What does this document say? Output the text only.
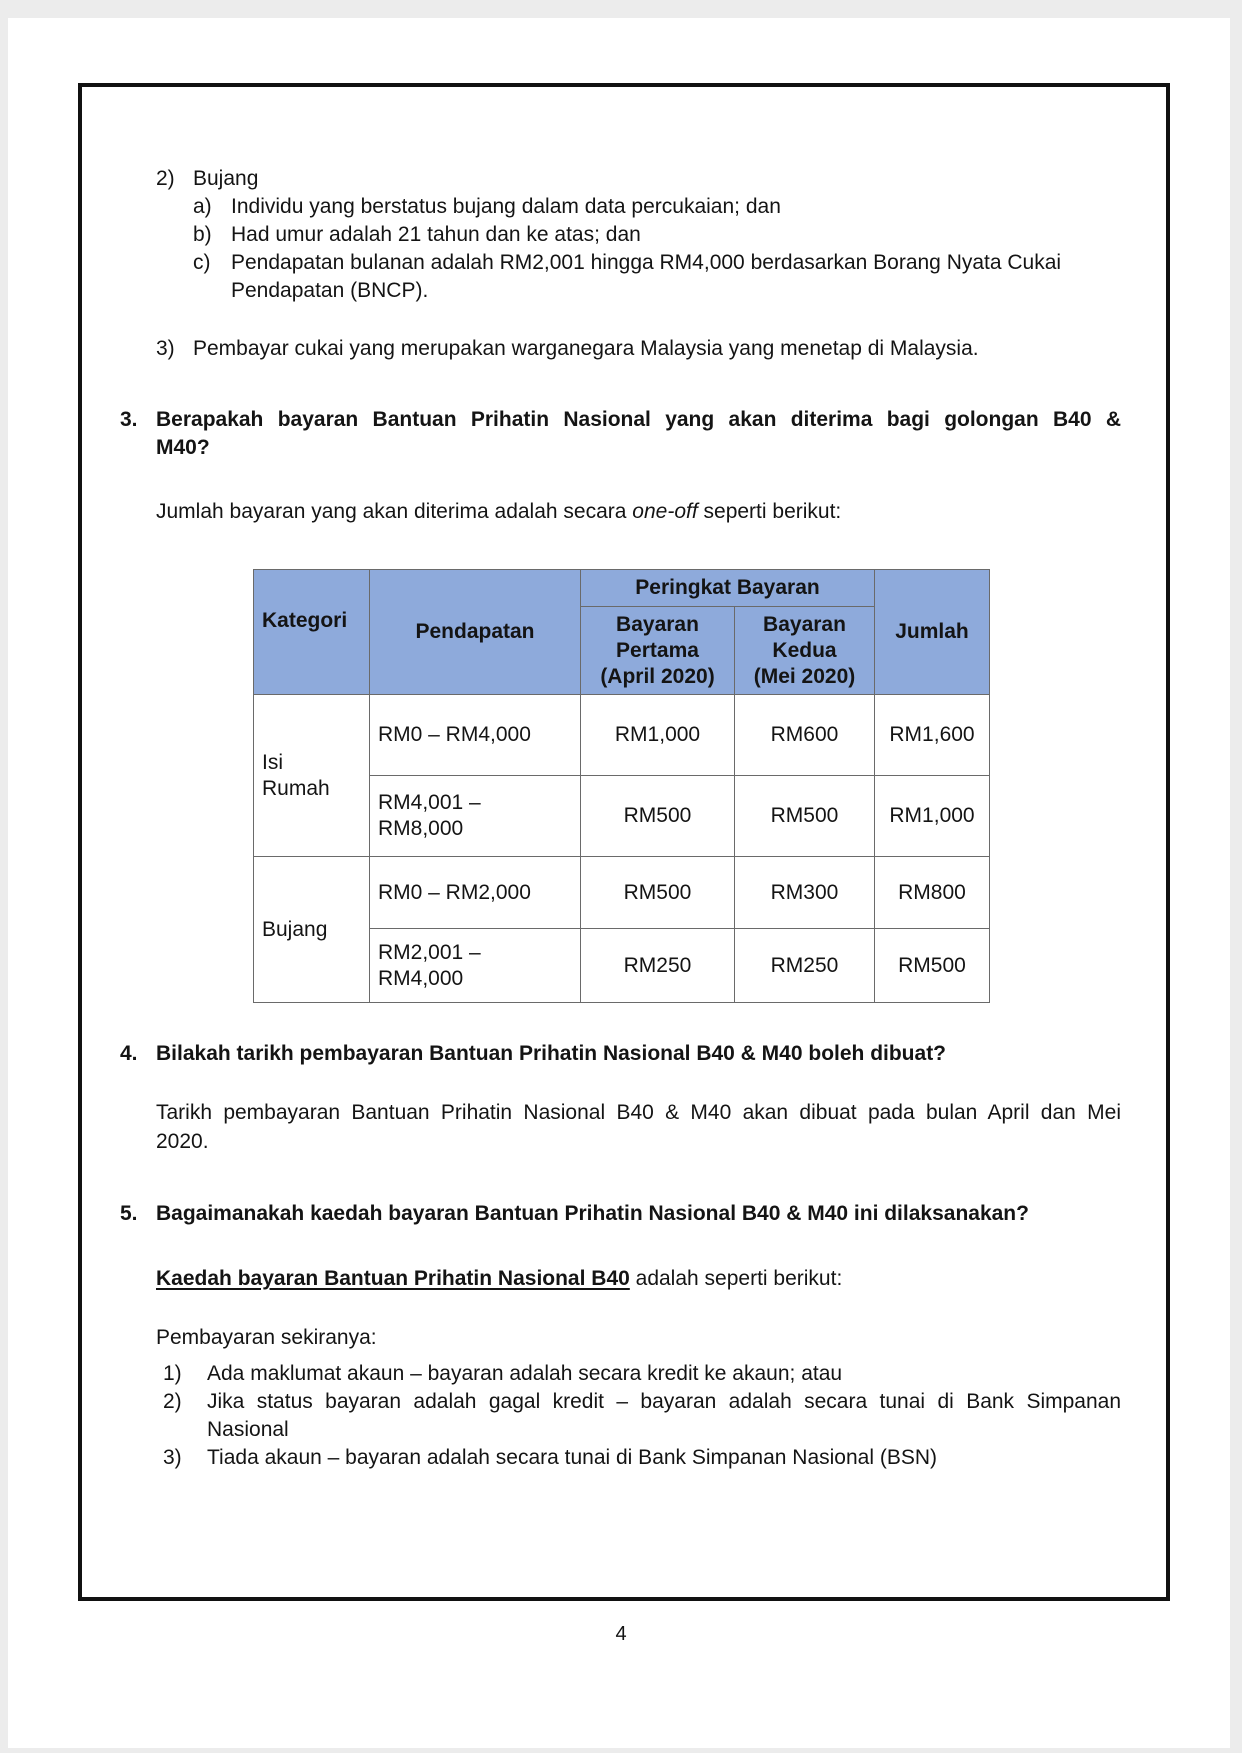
2) Bujang
a) Individu yang berstatus bujang dalam data percukaian; dan
b) Had umur adalah 21 tahun dan ke atas; dan
c) Pendapatan bulanan adalah RM2,001 hingga RM4,000 berdasarkan Borang Nyata Cukai
Pendapatan (BNCP).
3) Pembayar cukai yang merupakan warganegara Malaysia yang menetap di Malaysia.
3. Berapakah bayaran Bantuan Prihatin Nasional yang akan diterima bagi golongan B40 &
M40?
Jumlah bayaran yang akan diterima adalah secara one-off seperti berikut:
Kategori	Pendapatan	Peringkat Bayaran		Jumlah
		Bayaran
Pertama
(April 2020)	Bayaran
Kedua
(Mei 2020)	
Isi
Rumah	RM0 – RM4,000	RM1,000	RM600	RM1,600
	RM4,001 –
RM8,000	RM500	RM500	RM1,000
Bujang	RM0 – RM2,000	RM500	RM300	RM800
	RM2,001 –
RM4,000	RM250	RM250	RM500
4. Bilakah tarikh pembayaran Bantuan Prihatin Nasional B40 & M40 boleh dibuat?
Tarikh pembayaran Bantuan Prihatin Nasional B40 & M40 akan dibuat pada bulan April dan Mei
2020.
5. Bagaimanakah kaedah bayaran Bantuan Prihatin Nasional B40 & M40 ini dilaksanakan?
Kaedah bayaran Bantuan Prihatin Nasional B40 adalah seperti berikut:
Pembayaran sekiranya:
1) Ada maklumat akaun – bayaran adalah secara kredit ke akaun; atau
2) Jika status bayaran adalah gagal kredit – bayaran adalah secara tunai di Bank Simpanan
Nasional
3) Tiada akaun – bayaran adalah secara tunai di Bank Simpanan Nasional (BSN)
4
